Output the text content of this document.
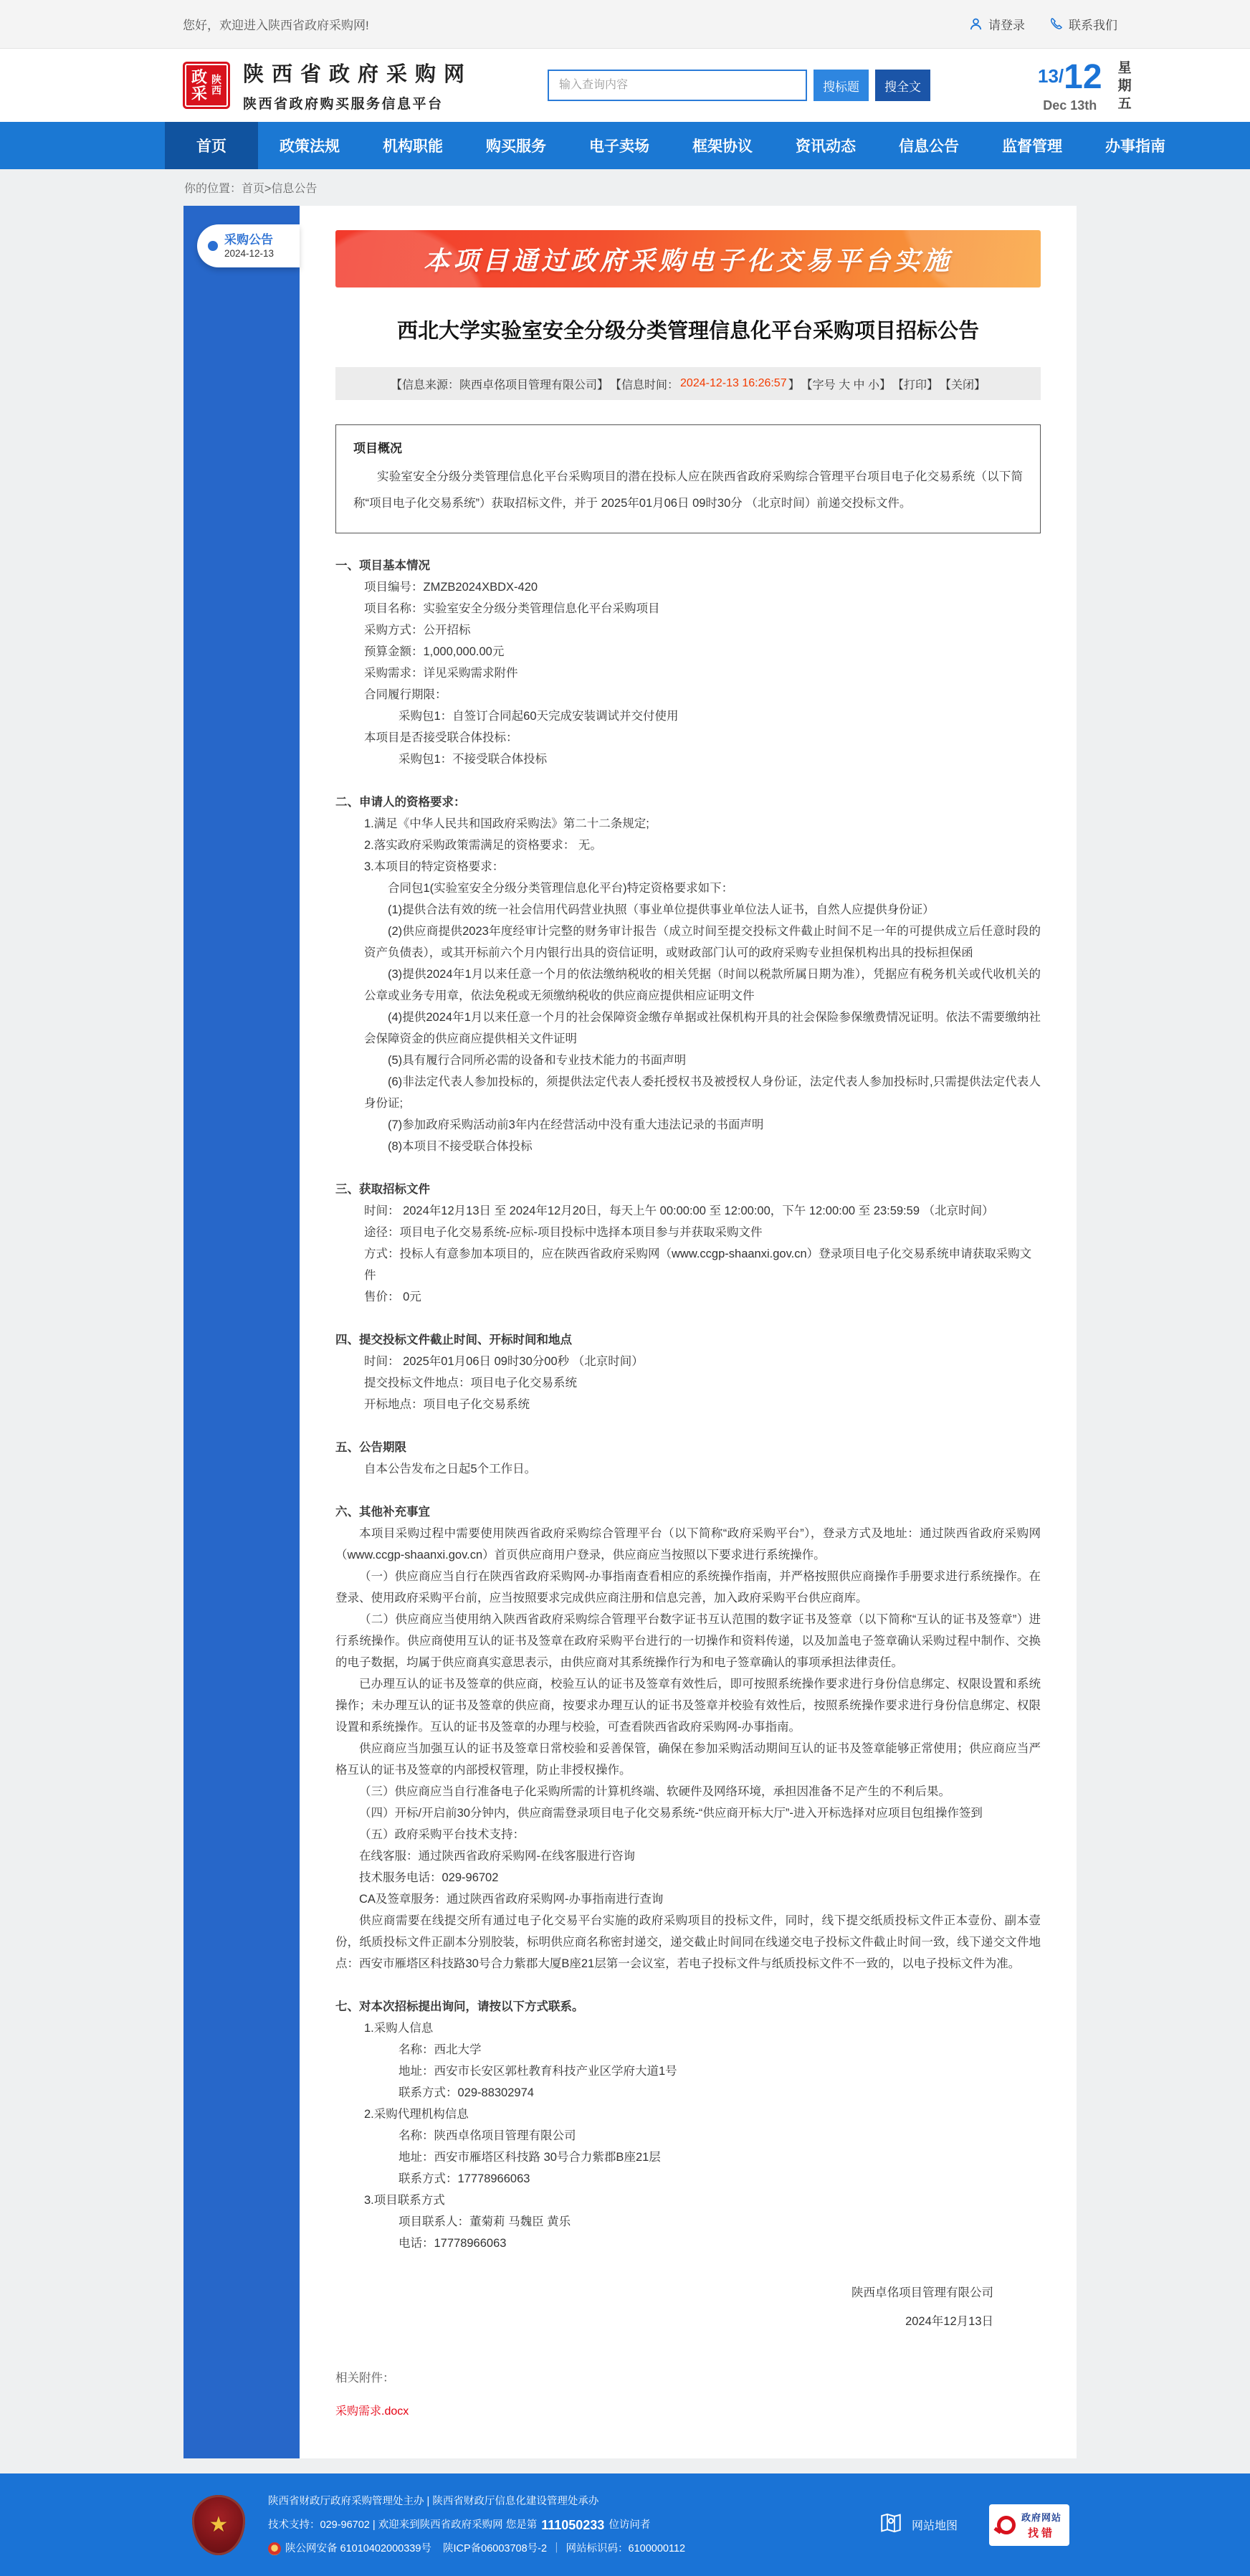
您好，欢迎进入陕西省政府采购网!	请登录	联系我们
政采
陕西
陕西省政府采购网
陕西省政府购买服务信息平台
输入查询内容
搜标题	搜全文
13/12
Dec 13th	星期五
首页	政策法规	机构职能	购买服务	电子卖场	框架协议	资讯动态	信息公告	监督管理	办事指南
你的位置： 首页 >信息公告
采购公告
2024-12-13	本项目通过政府采购电子化交易平台实施
西北大学实验室安全分级分类管理信息化平台采购项目招标公告
【信息来源：陕西卓佲项目管理有限公司】 【信息时间： 2024-12-13 16:26:57 】 【字号 大 中 小】 【打印】 【关闭】
项目概况
实验室安全分级分类管理信息化平台采购项目的潜在投标人应在陕西省政府采购综合管理平台项目电子化交易系统（以下简称“项目电子化交易系统”）获取招标文件，并于 2025年01月06日 09时30分 （北京时间）前递交投标文件。

一、项目基本情况

项目编号：ZMZB2024XBDX-420

项目名称：实验室安全分级分类管理信息化平台采购项目

采购方式：公开招标

预算金额：1,000,000.00元

采购需求：详见采购需求附件

合同履行期限：

采购包1：自签订合同起60天完成安装调试并交付使用

本项目是否接受联合体投标：

采购包1：不接受联合体投标

二、申请人的资格要求：

1.满足《中华人民共和国政府采购法》第二十二条规定;

2.落实政府采购政策需满足的资格要求： 无。

3.本项目的特定资格要求：

合同包1(实验室安全分级分类管理信息化平台)特定资格要求如下：

(1)提供合法有效的统一社会信用代码营业执照（事业单位提供事业单位法人证书，自然人应提供身份证）

(2)供应商提供2023年度经审计完整的财务审计报告（成立时间至提交投标文件截止时间不足一年的可提供成立后任意时段的资产负债表），或其开标前六个月内银行出具的资信证明，或财政部门认可的政府采购专业担保机构出具的投标担保函

(3)提供2024年1月以来任意一个月的依法缴纳税收的相关凭据（时间以税款所属日期为准），凭据应有税务机关或代收机关的公章或业务专用章，依法免税或无须缴纳税收的供应商应提供相应证明文件

(4)提供2024年1月以来任意一个月的社会保障资金缴存单据或社保机构开具的社会保险参保缴费情况证明。依法不需要缴纳社会保障资金的供应商应提供相关文件证明

(5)具有履行合同所必需的设备和专业技术能力的书面声明

(6)非法定代表人参加投标的，须提供法定代表人委托授权书及被授权人身份证，法定代表人参加投标时,只需提供法定代表人身份证;

(7)参加政府采购活动前3年内在经营活动中没有重大违法记录的书面声明

(8)本项目不接受联合体投标

三、获取招标文件

时间： 2024年12月13日 至 2024年12月20日，每天上午 00:00:00 至 12:00:00，下午 12:00:00 至 23:59:59 （北京时间）

途径：项目电子化交易系统-应标-项目投标中选择本项目参与并获取采购文件

方式：投标人有意参加本项目的，应在陕西省政府采购网（www.ccgp-shaanxi.gov.cn）登录项目电子化交易系统申请获取采购文件

售价： 0元

四、提交投标文件截止时间、开标时间和地点

时间： 2025年01月06日 09时30分00秒 （北京时间）

提交投标文件地点：项目电子化交易系统

开标地点：项目电子化交易系统

五、公告期限

自本公告发布之日起5个工作日。

六、其他补充事宜

本项目采购过程中需要使用陕西省政府采购综合管理平台（以下简称“政府采购平台”），登录方式及地址：通过陕西省政府采购网（www.ccgp-shaanxi.gov.cn）首页供应商用户登录，供应商应当按照以下要求进行系统操作。

（一）供应商应当自行在陕西省政府采购网-办事指南查看相应的系统操作指南，并严格按照供应商操作手册要求进行系统操作。在登录、使用政府采购平台前，应当按照要求完成供应商注册和信息完善，加入政府采购平台供应商库。

（二）供应商应当使用纳入陕西省政府采购综合管理平台数字证书互认范围的数字证书及签章（以下简称“互认的证书及签章”）进行系统操作。供应商使用互认的证书及签章在政府采购平台进行的一切操作和资料传递，以及加盖电子签章确认采购过程中制作、交换的电子数据，均属于供应商真实意思表示，由供应商对其系统操作行为和电子签章确认的事项承担法律责任。

已办理互认的证书及签章的供应商，校验互认的证书及签章有效性后，即可按照系统操作要求进行身份信息绑定、权限设置和系统操作；未办理互认的证书及签章的供应商，按要求办理互认的证书及签章并校验有效性后，按照系统操作要求进行身份信息绑定、权限设置和系统操作。互认的证书及签章的办理与校验，可查看陕西省政府采购网-办事指南。

供应商应当加强互认的证书及签章日常校验和妥善保管，确保在参加采购活动期间互认的证书及签章能够正常使用；供应商应当严格互认的证书及签章的内部授权管理，防止非授权操作。

（三）供应商应当自行准备电子化采购所需的计算机终端、软硬件及网络环境，承担因准备不足产生的不利后果。

（四）开标/开启前30分钟内，供应商需登录项目电子化交易系统-“供应商开标大厅”-进入开标选择对应项目包组操作签到

（五）政府采购平台技术支持：

在线客服：通过陕西省政府采购网-在线客服进行咨询

技术服务电话：029-96702

CA及签章服务：通过陕西省政府采购网-办事指南进行查询

供应商需要在线提交所有通过电子化交易平台实施的政府采购项目的投标文件，同时，线下提交纸质投标文件正本壹份、副本壹份，纸质投标文件正副本分别胶装，标明供应商名称密封递交，递交截止时间同在线递交电子投标文件截止时间一致，线下递交文件地点：西安市雁塔区科技路30号合力紫郡大厦B座21层第一会议室，若电子投标文件与纸质投标文件不一致的，以电子投标文件为准。

七、对本次招标提出询问，请按以下方式联系。

1.采购人信息

名称：西北大学

地址：西安市长安区郭杜教育科技产业区学府大道1号

联系方式：029-88302974

2.采购代理机构信息

名称：陕西卓佲项目管理有限公司

地址：西安市雁塔区科技路 30号合力紫郡B座21层

联系方式：17778966063

3.项目联系方式

项目联系人：董菊莉 马魏臣 黄乐

电话：17778966063

陕西卓佲项目管理有限公司
2024年12月13日
相关附件：
采购需求.docx
★
陕西省财政厅政府采购管理处主办 | 陕西省财政厅信息化建设管理处承办
技术支持：029-96702 | 欢迎来到陕西省政府采购网 您是第 111050233 位访问者
陕公网安备 61010402000339号
陕ICP备06003708号-2 ｜ 网站标识码：6100000112
网站地图
政府网站
找错
